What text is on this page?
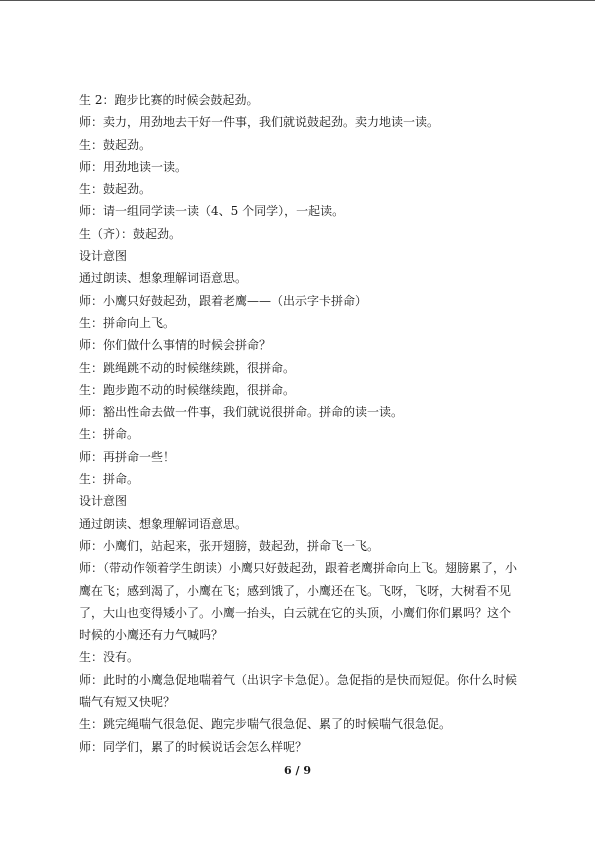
生 2：跑步比赛的时候会鼓起劲。

师：卖力，用劲地去干好一件事，我们就说鼓起劲。卖力地读一读。

生：鼓起劲。

师：用劲地读一读。

生：鼓起劲。

师：请一组同学读一读（4、5 个同学），一起读。

生（齐）：鼓起劲。

设计意图

通过朗读、想象理解词语意思。

师：小鹰只好鼓起劲，跟着老鹰——（出示字卡拼命）

生：拼命向上飞。

师：你们做什么事情的时候会拼命？

生：跳绳跳不动的时候继续跳，很拼命。

生：跑步跑不动的时候继续跑，很拼命。

师：豁出性命去做一件事，我们就说很拼命。拼命的读一读。

生：拼命。

师：再拼命一些！

生：拼命。

设计意图

通过朗读、想象理解词语意思。

师：小鹰们，站起来，张开翅膀，鼓起劲，拼命飞一飞。

师：（带动作领着学生朗读）小鹰只好鼓起劲，跟着老鹰拼命向上飞。翅膀累了，小鹰在飞；感到渴了，小鹰在飞；感到饿了，小鹰还在飞。飞呀，飞呀，大树看不见了，大山也变得矮小了。小鹰一抬头，白云就在它的头顶，小鹰们你们累吗？这个时候的小鹰还有力气喊吗？

生：没有。

师：此时的小鹰急促地喘着气（出识字卡急促）。急促指的是快而短促。你什么时候喘气有短又快呢？

生：跳完绳喘气很急促、跑完步喘气很急促、累了的时候喘气很急促。

师：同学们，累了的时候说话会怎么样呢？

6 / 9
